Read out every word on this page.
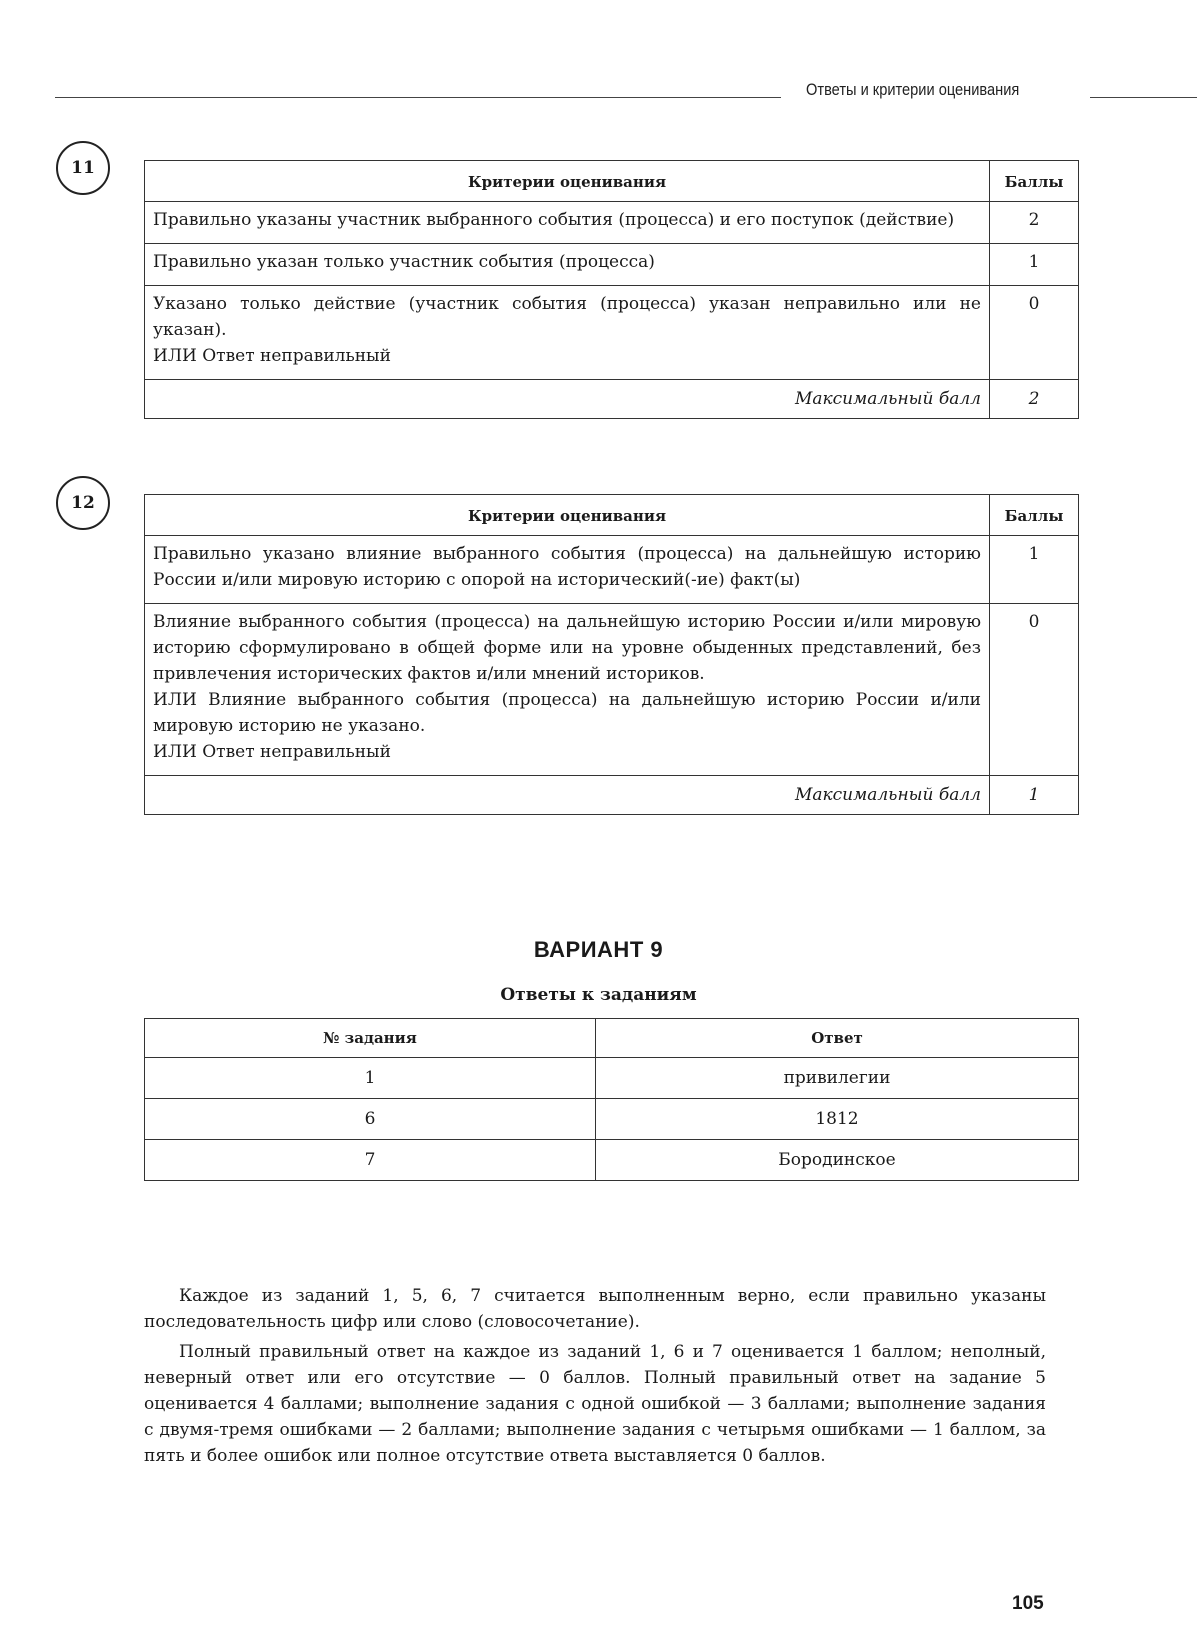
Ответы и критерии оценивания
11
Критерии оценивания	Баллы
Правильно указаны участник выбранного события (процесса) и его поступок (действие)	2
Правильно указан только участник события (процесса)	1

Указано только действие (участник события (процесса) указан неправильно или не указан).
ИЛИ Ответ неправильный	0
Максимальный балл	2
12
Критерии оценивания	Баллы
Правильно указано влияние выбранного события (процесса) на дальнейшую историю России и/или мировую историю с опорой на исторический(-ие) факт(ы)	1

Влияние выбранного события (процесса) на дальнейшую историю России и/или мировую историю сформулировано в общей форме или на уровне обыденных представлений, без привлечения исторических фактов и/или мнений историков.
ИЛИ Влияние выбранного события (процесса) на дальнейшую историю России и/или мировую историю не указано.
ИЛИ Ответ неправильный	0
Максимальный балл	1
ВАРИАНТ 9
Ответы к заданиям
№ задания	Ответ
1	привилегии
6	1812
7	Бородинское

Каждое из заданий 1, 5, 6, 7 считается выполненным верно, если правильно указаны последовательность цифр или слово (словосочетание).

Полный правильный ответ на каждое из заданий 1, 6 и 7 оценивается 1 баллом; неполный, неверный ответ или его отсутствие — 0 баллов. Полный правильный ответ на задание 5 оценивается 4 баллами; выполнение задания с одной ошибкой — 3 баллами; выполнение задания с двумя-тремя ошибками — 2 баллами; выполнение задания с четырьмя ошибками — 1 баллом, за пять и более ошибок или полное отсутствие ответа выставляется 0 баллов.

105
